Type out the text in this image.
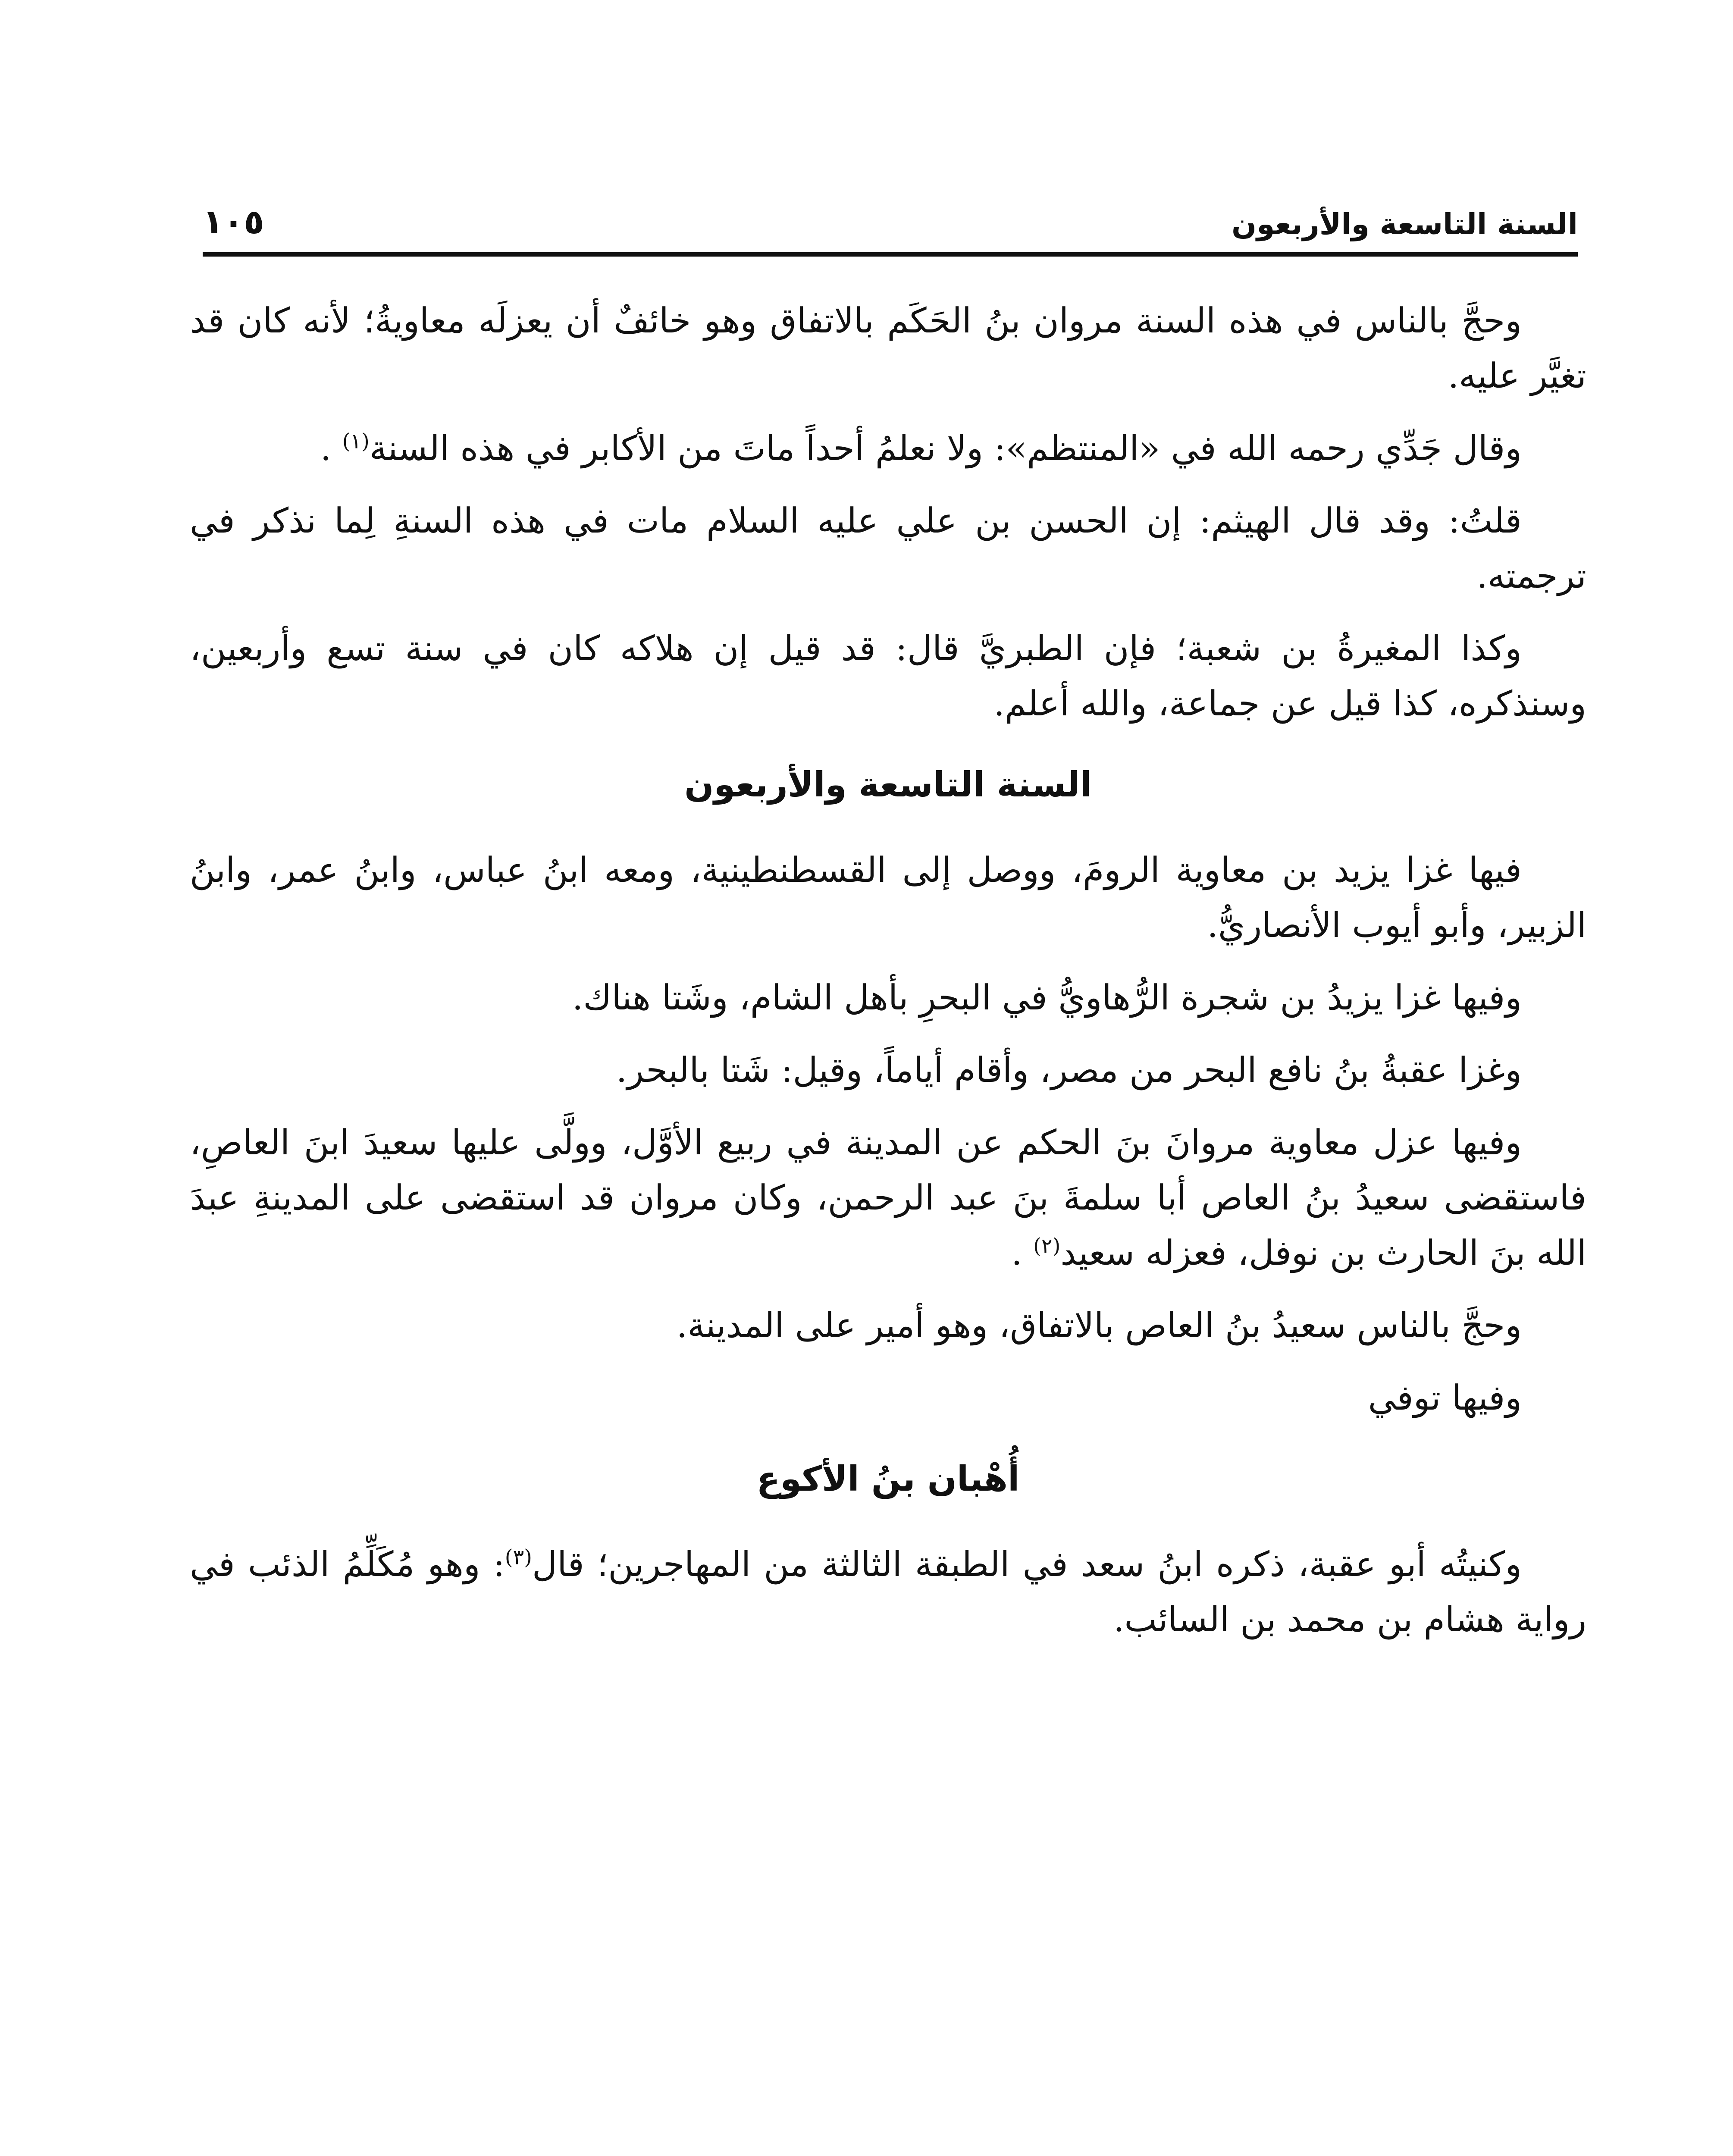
السنة التاسعة والأربعون
١٠٥

وحجَّ بالناس في هذه السنة مروان بنُ الحَكَم بالاتفاق وهو خائفٌ أن يعزلَه معاويةُ؛ لأنه كان قد تغيَّر عليه.

وقال جَدِّي رحمه الله في «المنتظم»: ولا نعلمُ أحداً ماتَ من الأكابر في هذه السنة$^{(١)}$ .

قلتُ: وقد قال الهيثم: إن الحسن بن علي عليه السلام مات في هذه السنةِ لِما نذكر في ترجمته.

وكذا المغيرةُ بن شعبة؛ فإن الطبريَّ قال: قد قيل إن هلاكه كان في سنة تسع وأربعين، وسنذكره، كذا قيل عن جماعة، والله أعلم.

السنة التاسعة والأربعون

فيها غزا يزيد بن معاوية الرومَ، ووصل إلى القسطنطينية، ومعه ابنُ عباس، وابنُ عمر، وابنُ الزبير، وأبو أيوب الأنصاريُّ.

وفيها غزا يزيدُ بن شجرة الرُّهاويُّ في البحرِ بأهل الشام، وشَتا هناك.

وغزا عقبةُ بنُ نافع البحر من مصر، وأقام أياماً، وقيل: شَتا بالبحر.

وفيها عزل معاوية مروانَ بنَ الحكم عن المدينة في ربيع الأوَّل، وولَّى عليها سعيدَ ابنَ العاصِ، فاستقضى سعيدُ بنُ العاص أبا سلمةَ بنَ عبد الرحمن، وكان مروان قد استقضى على المدينةِ عبدَ الله بنَ الحارث بن نوفل، فعزله سعيد$^{(٢)}$ .

وحجَّ بالناس سعيدُ بنُ العاص بالاتفاق، وهو أمير على المدينة.

وفيها توفي

أُهْبان بنُ الأكوع

وكنيتُه أبو عقبة، ذكره ابنُ سعد في الطبقة الثالثة من المهاجرين؛ قال$^{(٣)}$: وهو مُكَلِّمُ الذئب في رواية هشام بن محمد بن السائب.
